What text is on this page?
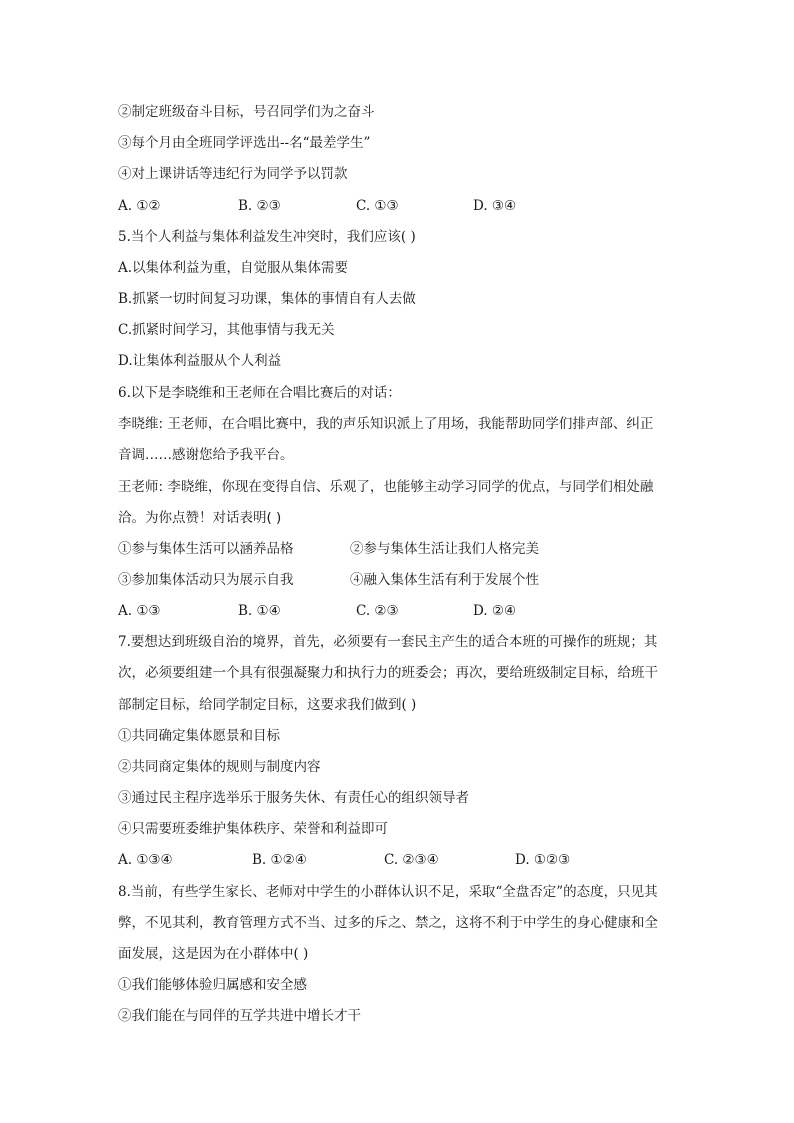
②制定班级奋斗目标，号召同学们为之奋斗
③每个月由全班同学评选出--名“最差学生”
④对上课讲话等违纪行为同学予以罚款
A. ①②	B. ②③	C. ①③	D. ③④
5.当个人利益与集体利益发生冲突时，我们应该( )
A.以集体利益为重，自觉服从集体需要
B.抓紧一切时间复习功课，集体的事情自有人去做
C.抓紧时间学习，其他事情与我无关
D.让集体利益服从个人利益
6.以下是李晓维和王老师在合唱比赛后的对话：
李晓维: 王老师，在合唱比赛中，我的声乐知识派上了用场，我能帮助同学们排声部、纠正
音调……感谢您给予我平台。
王老师: 李晓维，你现在变得自信、乐观了，也能够主动学习同学的优点，与同学们相处融
洽。为你点赞！对话表明( )
①参与集体生活可以涵养品格	②参与集体生活让我们人格完美
③参加集体活动只为展示自我	④融入集体生活有利于发展个性
A. ①③	B. ①④	C. ②③	D. ②④
7.要想达到班级自治的境界，首先，必须要有一套民主产生的适合本班的可操作的班规；其
次，必须要组建一个具有很强凝聚力和执行力的班委会；再次，要给班级制定目标，给班干
部制定目标，给同学制定目标，这要求我们做到( )
①共同确定集体愿景和目标
②共同商定集体的规则与制度内容
③通过民主程序选举乐于服务失休、有责任心的组织领导者
④只需要班委维护集体秩序、荣誉和利益即可
A. ①③④	B. ①②④	C. ②③④	D. ①②③
8.当前，有些学生家长、老师对中学生的小群体认识不足，采取“全盘否定”的态度，只见其
弊，不见其利，教育管理方式不当、过多的斥之、禁之，这将不利于中学生的身心健康和全
面发展，这是因为在小群体中( )
①我们能够体验归属感和安全感
②我们能在与同伴的互学共进中增长才干
